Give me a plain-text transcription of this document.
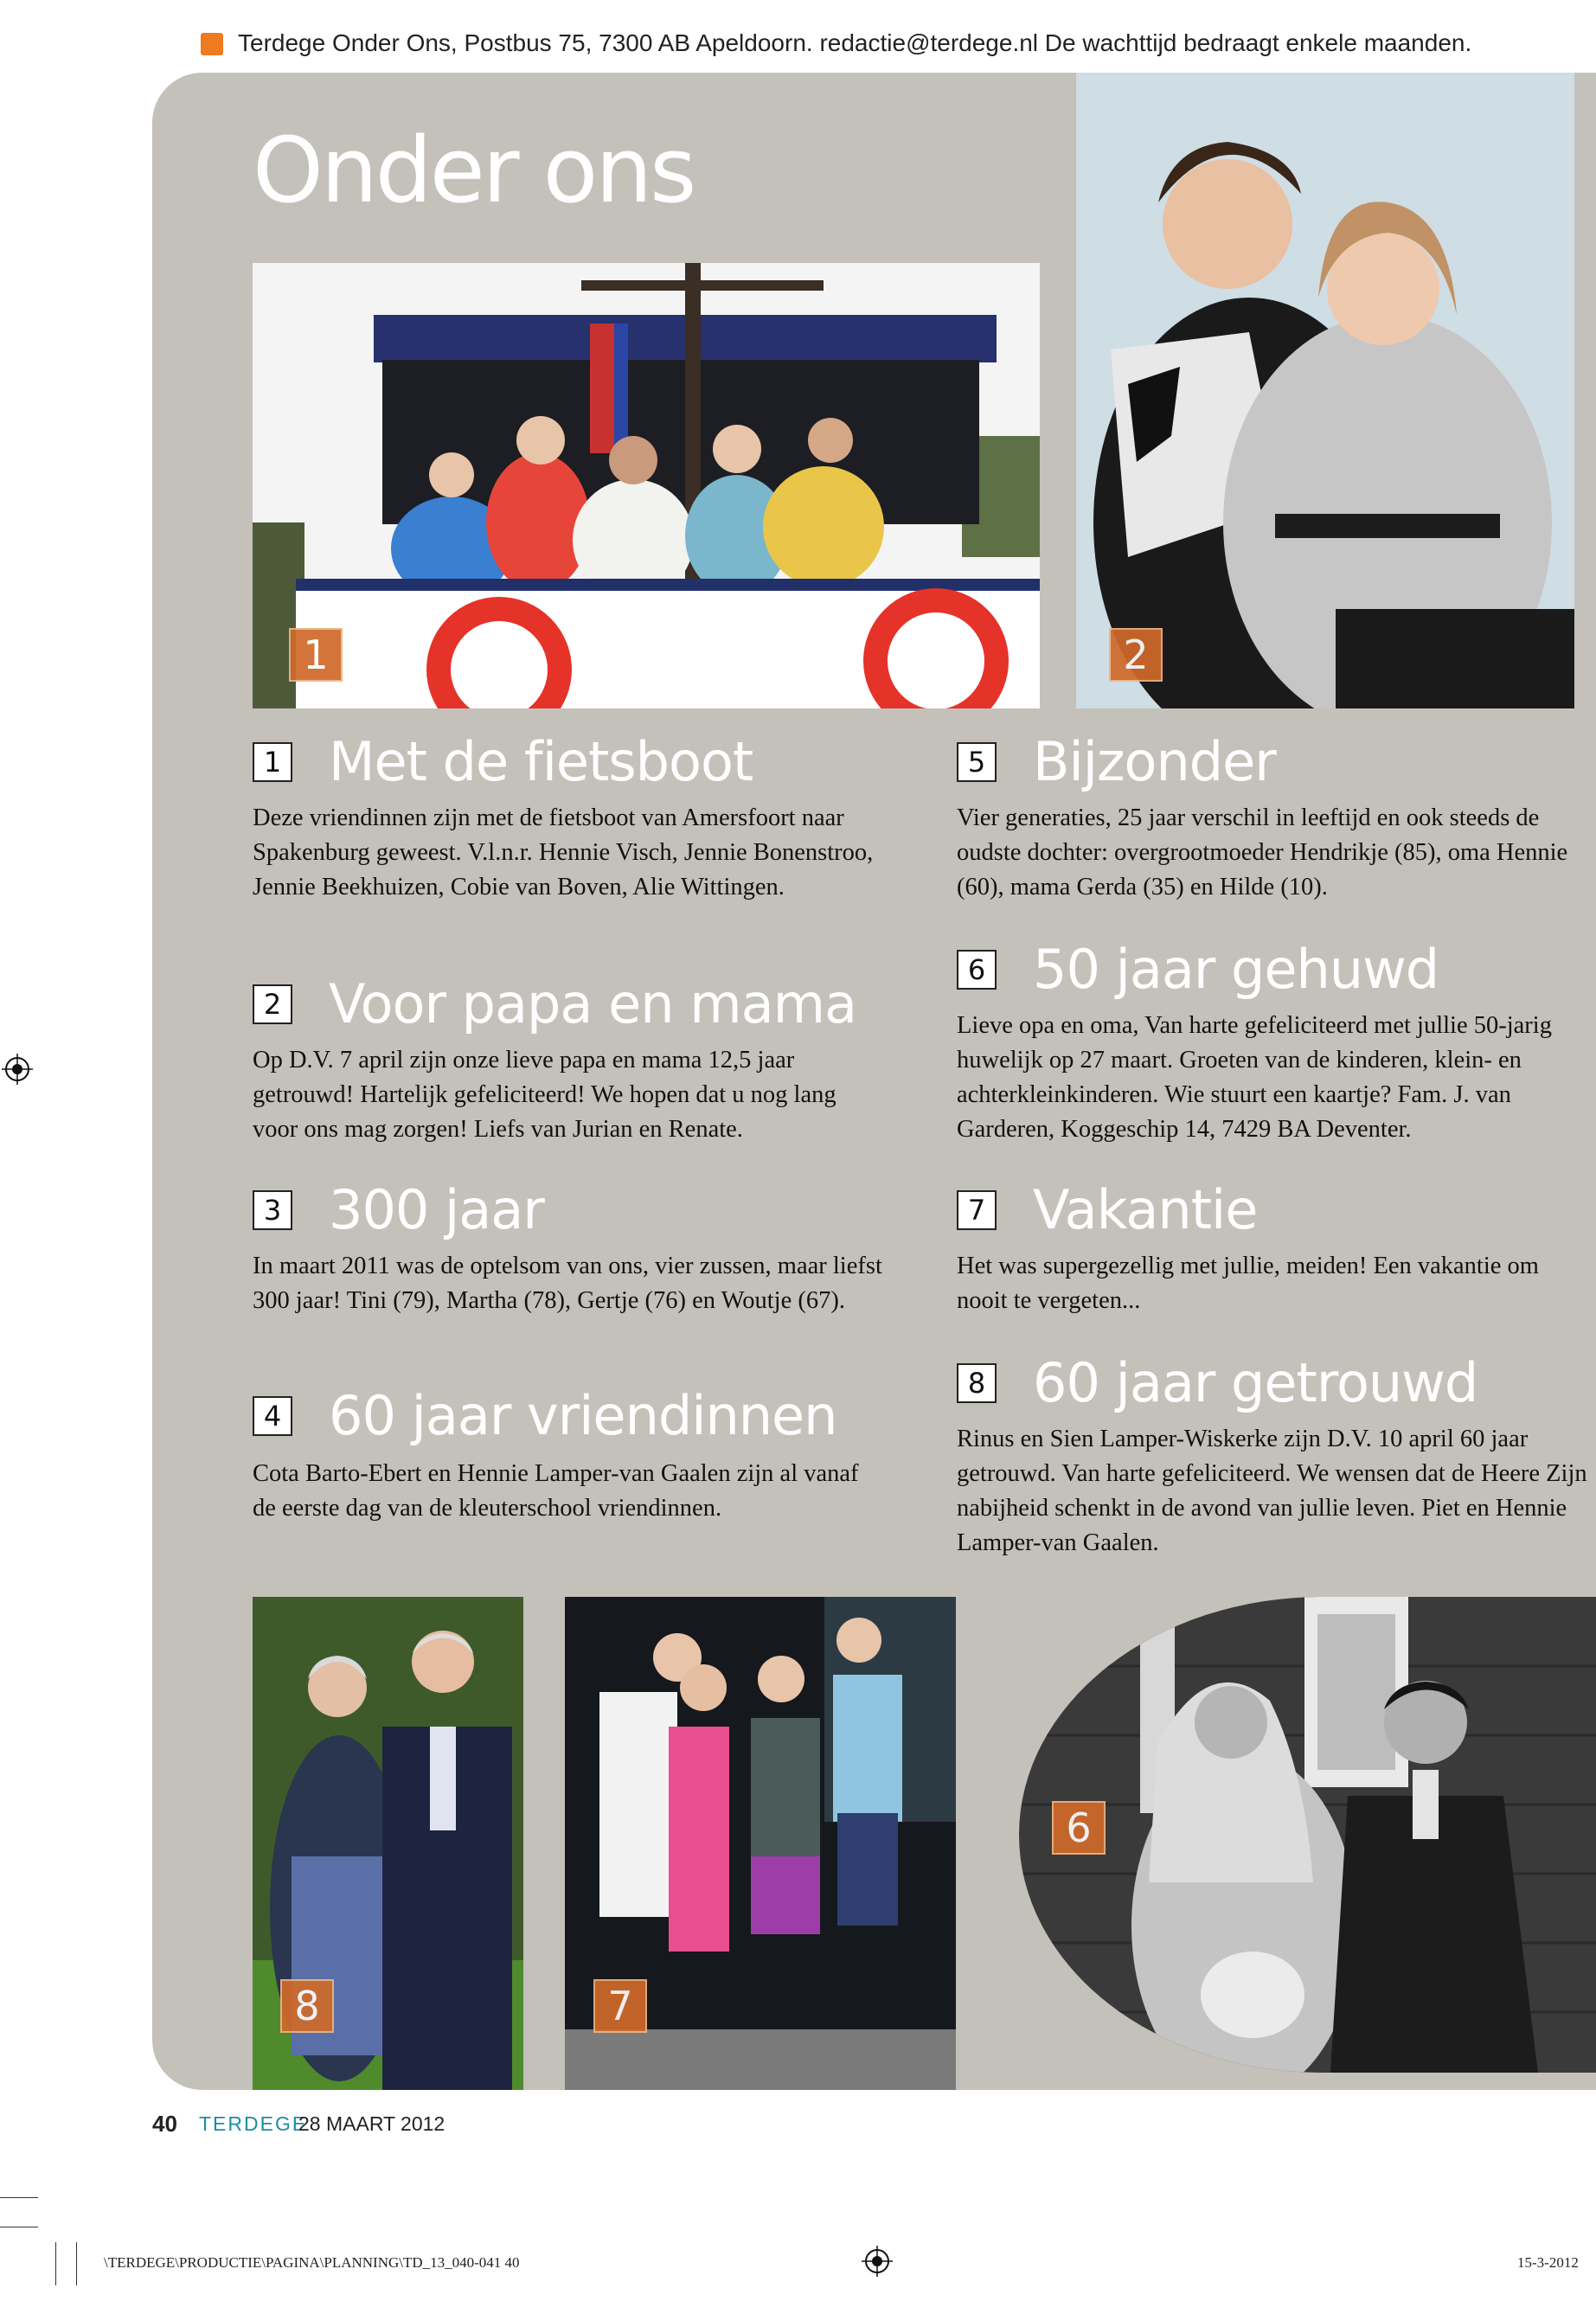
Terdege Onder Ons, Postbus 75, 7300 AB Apeldoorn. redactie@terdege.nl De wachttijd bedraagt enkele maanden.
Onder ons
1	2
1 Met de fietsboot
Deze vriendinnen zijn met de fietsboot van Amersfoort naar Spakenburg geweest. V.l.n.r. Hennie Visch, Jennie Bonenstroo, Jennie Beekhuizen, Cobie van Boven, Alie Wittingen.
2 Voor papa en mama
Op D.V. 7 april zijn onze lieve papa en mama 12,5 jaar getrouwd! Hartelijk gefeliciteerd! We hopen dat u nog lang voor ons mag zorgen! Liefs van Jurian en Renate.
3 300 jaar
In maart 2011 was de optelsom van ons, vier zussen, maar liefst 300 jaar! Tini (79), Martha (78), Gertje (76) en Woutje (67).
4 60 jaar vriendinnen
Cota Barto-Ebert en Hennie Lamper-van Gaalen zijn al vanaf de eerste dag van de kleuterschool vriendinnen.
5 Bijzonder
Vier generaties, 25 jaar verschil in leeftijd en ook steeds de oudste dochter: overgrootmoeder Hendrikje (85), oma Hennie (60), mama Gerda (35) en Hilde (10).
6 50 jaar gehuwd
Lieve opa en oma, Van harte gefeliciteerd met jullie 50-jarig huwelijk op 27 maart. Groeten van de kinderen, klein- en achterkleinkinderen. Wie stuurt een kaartje? Fam. J. van Garderen, Koggeschip 14, 7429 BA Deventer.
7 Vakantie
Het was supergezellig met jullie, meiden! Een vakantie om nooit te vergeten...
8 60 jaar getrouwd
Rinus en Sien Lamper-Wiskerke zijn D.V. 10 april 60 jaar getrouwd. Van harte gefeliciteerd. We wensen dat de Heere Zijn nabijheid schenkt in de avond van jullie leven. Piet en Hennie Lamper-van Gaalen.
8	7
6
40 TERDEGE
28 MAART 2012
\TERDEGE\PRODUCTIE\PAGINA\PLANNING\TD_13_040-041 40	15-3-2012
